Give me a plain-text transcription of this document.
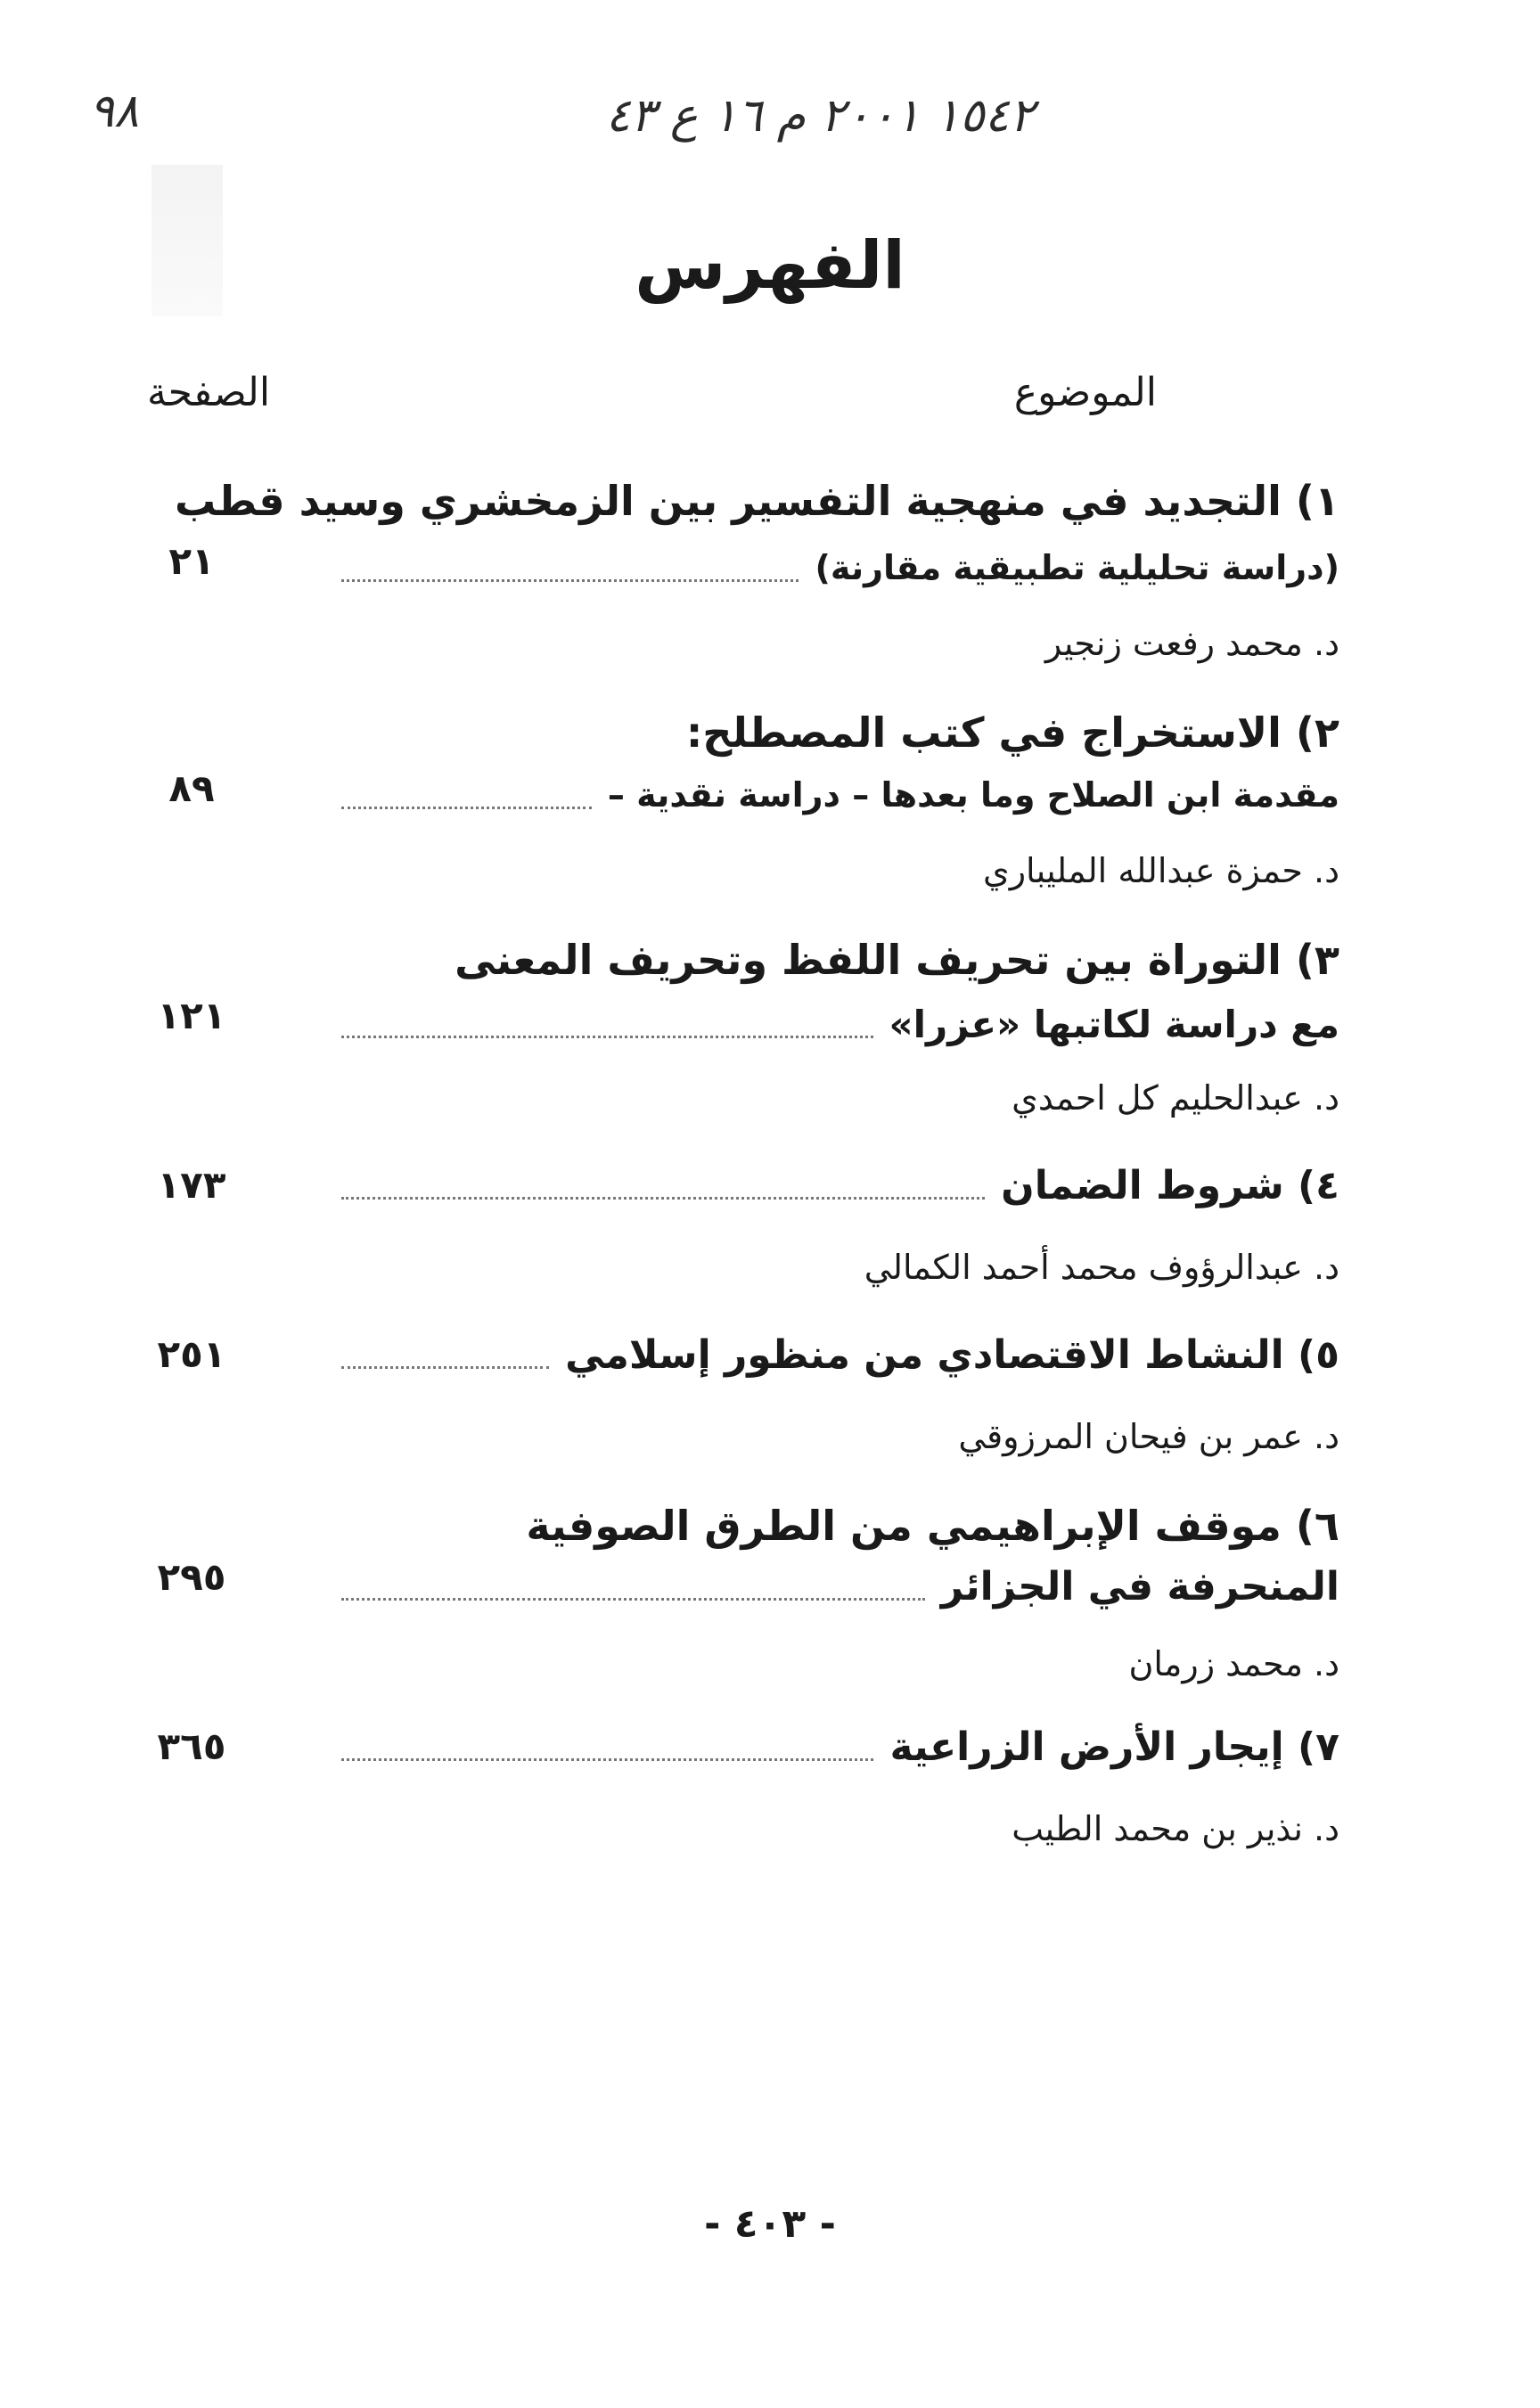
٩٨	١٥٤٢ ٢٠٠١ م ١٦ ع ٤٣
الفهرس
الموضوع
الصفحة
١) التجديد في منهجية التفسير بين الزمخشري وسيد قطب
(دراسة تحليلية تطبيقية مقارنة)
٢١
د. محمد رفعت زنجير
٢) الاستخراج في كتب المصطلح:
مقدمة ابن الصلاح وما بعدها – دراسة نقدية –
٨٩
د. حمزة عبدالله المليباري
٣) التوراة بين تحريف اللفظ وتحريف المعنى
مع دراسة لكاتبها «عزرا»
١٢١
د. عبدالحليم كل احمدي
٤) شروط الضمان
١٧٣
د. عبدالرؤوف محمد أحمد الكمالي
٥) النشاط الاقتصادي من منظور إسلامي
٢٥١
د. عمر بن فيحان المرزوقي
٦) موقف الإبراهيمي من الطرق الصوفية
المنحرفة في الجزائر
٢٩٥
د. محمد زرمان
٧) إيجار الأرض الزراعية
٣٦٥
د. نذير بن محمد الطيب
- ٤٠٣ -
